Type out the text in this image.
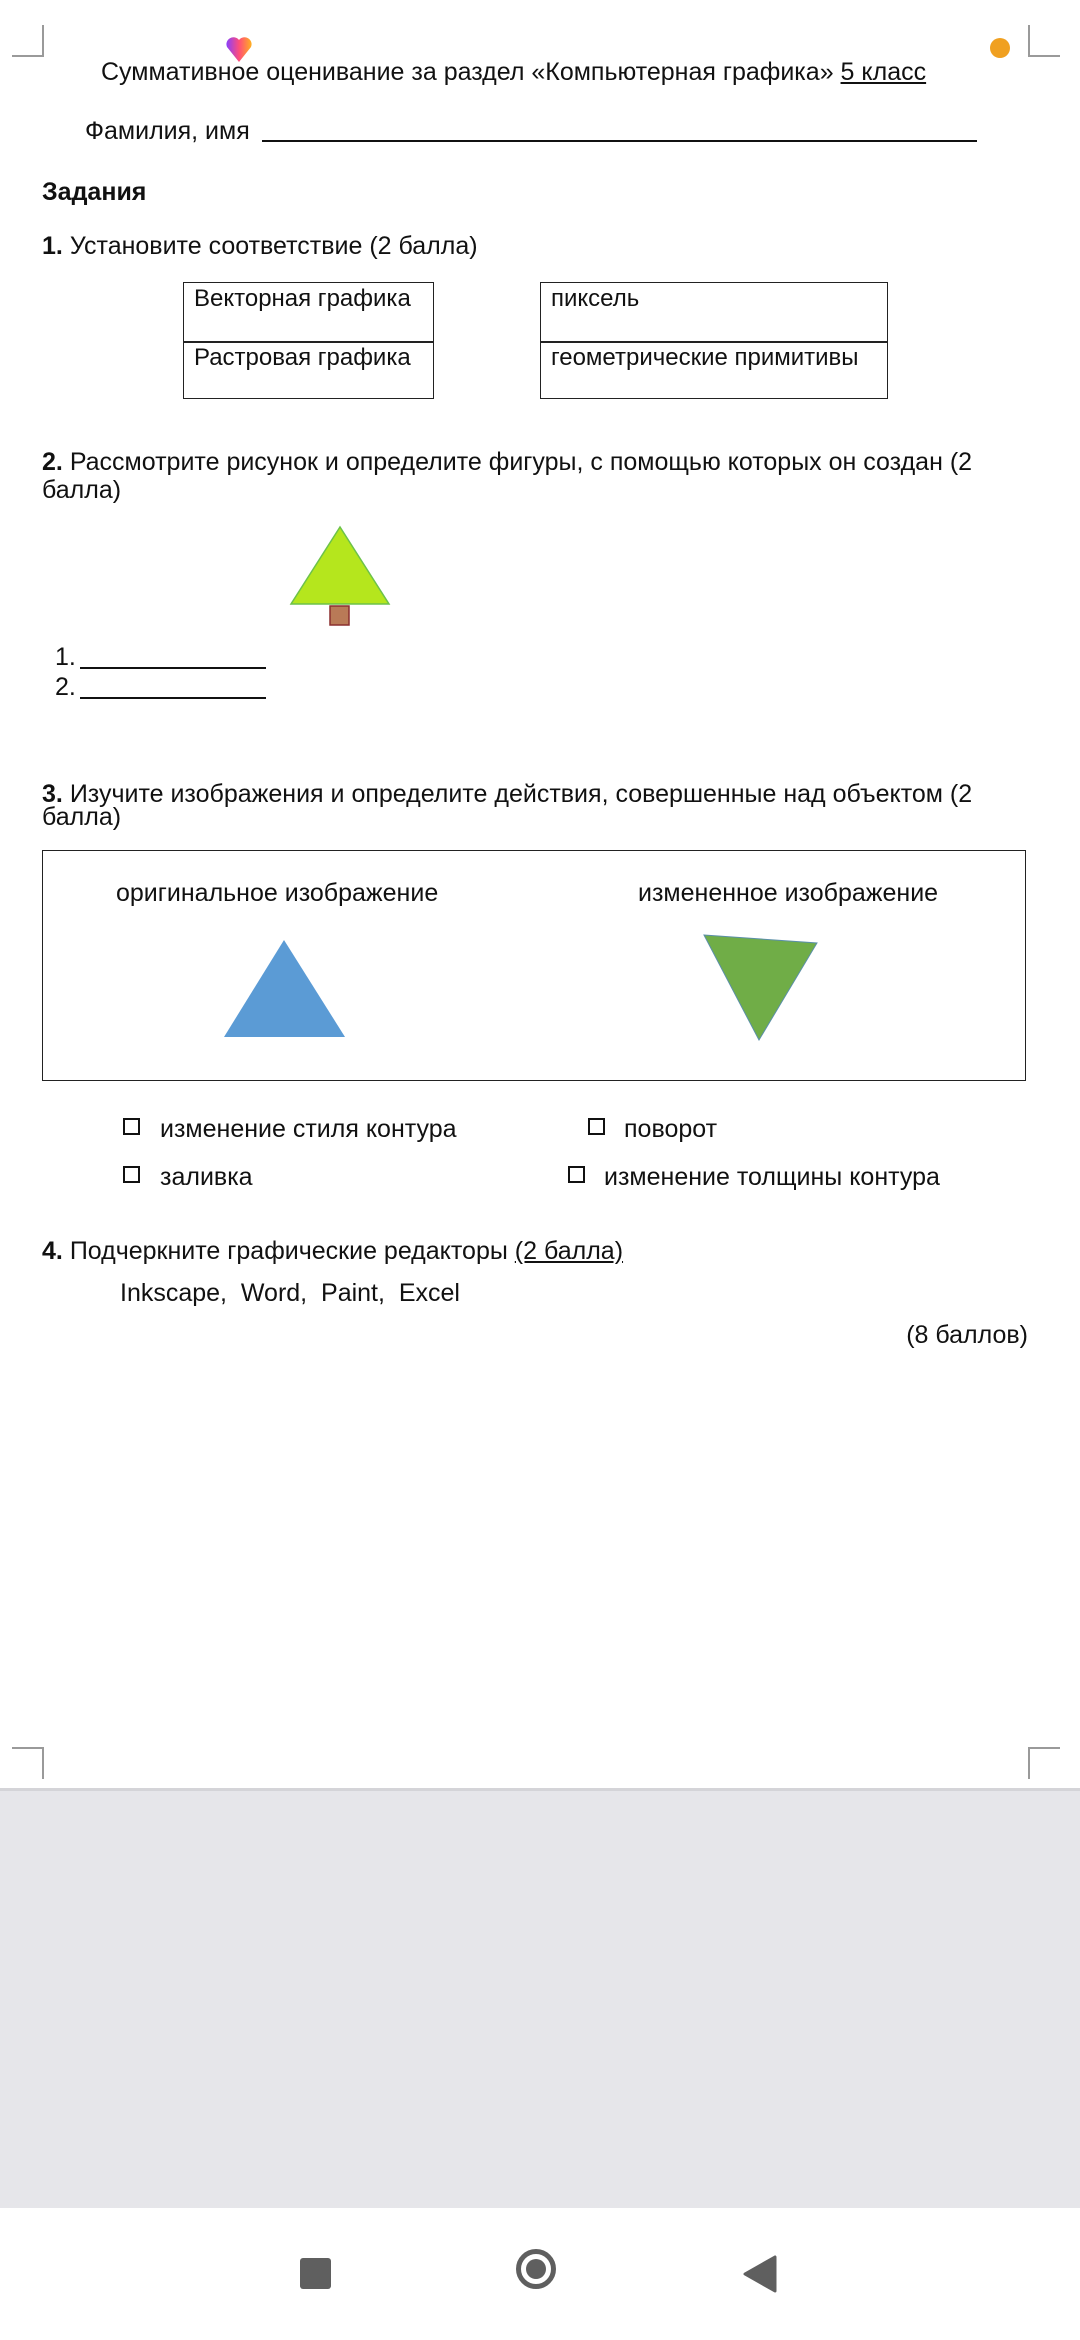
Суммативное оценивание за раздел «Компьютерная графика» 5 класс
Фамилия, имя
Задания
1. Установите соответствие (2 балла)
Векторная графика
Растровая графика
пиксель
геометрические примитивы
2. Рассмотрите рисунок и определите фигуры, с помощью которых он создан (2
балла)
1.
2.
3. Изучите изображения и определите действия, совершенные над объектом (2
балла)
оригинальное изображение	измененное изображение
изменение стиля контура	поворот
заливка	изменение толщины контура
4. Подчеркните графические редакторы (2 балла)
Inkscape,  Word,  Paint,  Excel
(8 баллов)
